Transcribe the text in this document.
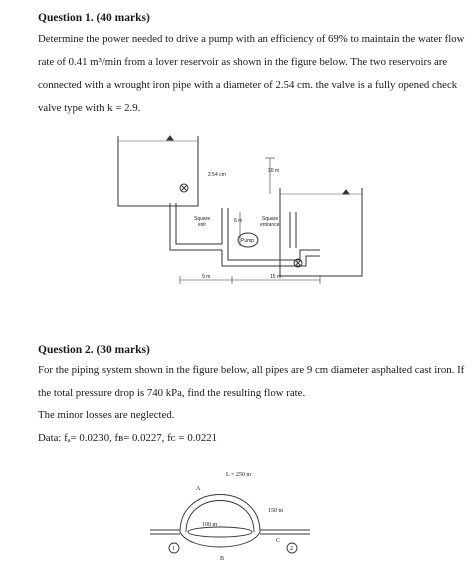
Question 1. (40 marks)
Determine the power needed to drive a pump with an efficiency of 69% to maintain the water flow
rate of 0.41 m³/min from a lover reservoir as shown in the figure below. The two reservoirs are
connected with a wrought iron pipe with a diameter of 2.54 cm. the valve is a fully opened check
valve type with k = 2.9.
2.54 cm
20 m
6 m
Square
exit
Square
entrance
Pump
9 m	15 m
Question 2. (30 marks)
For the piping system shown in the figure below, all pipes are 9 cm diameter asphalted cast iron. If
the total pressure drop is 740 kPa, find the resulting flow rate.
The minor losses are neglected.
Data: fₐ= 0.0230, fʙ= 0.0227, fᴄ = 0.0221
L = 250 m
A
100 m
B
150 m
C
1	2
